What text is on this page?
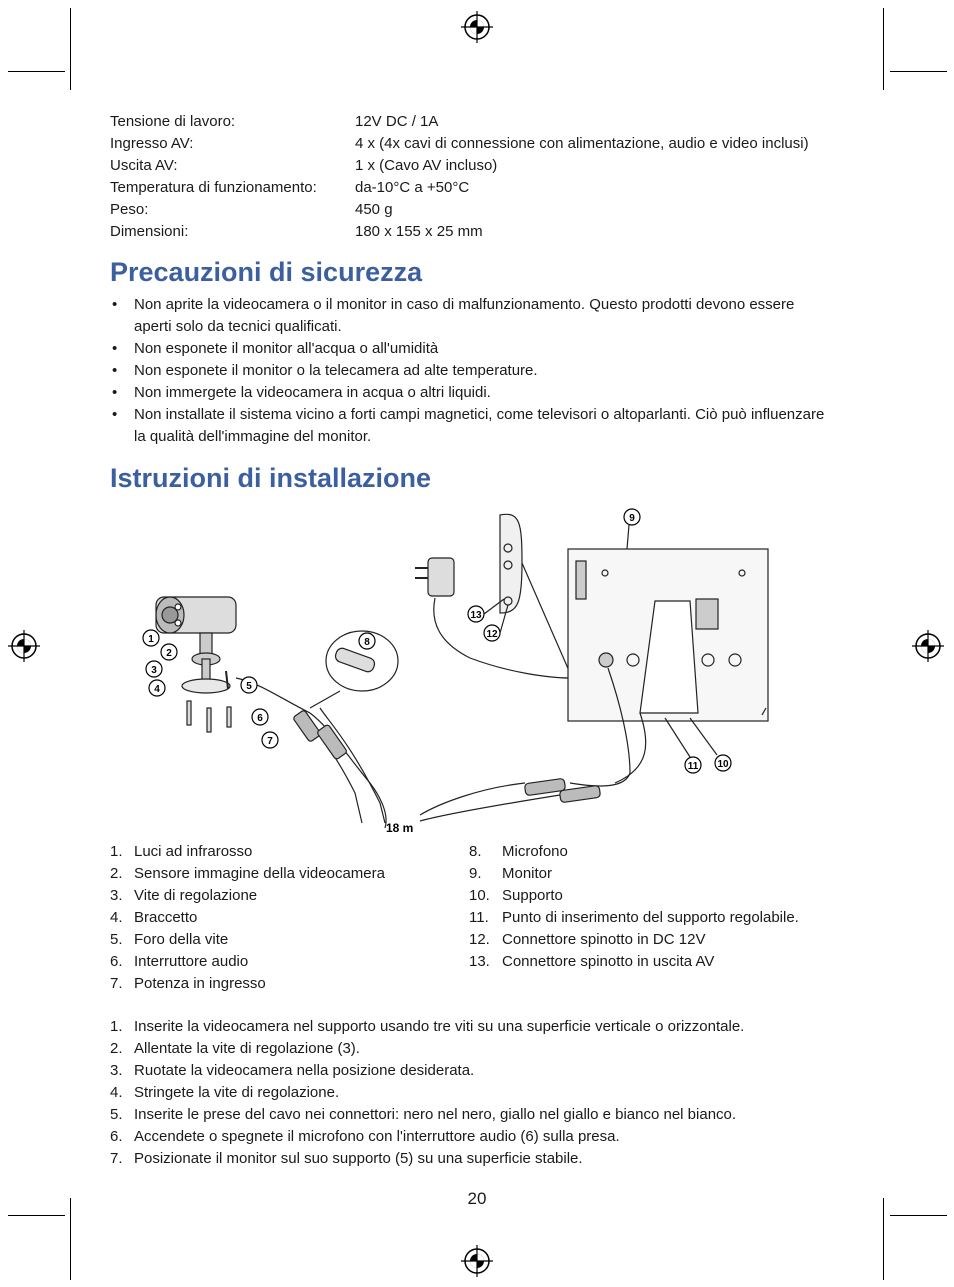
Tensione di lavoro:	12V DC / 1A
Ingresso AV:	4 x (4x cavi di connessione con alimentazione, audio e video inclusi)
Uscita AV:	1 x (Cavo AV incluso)
Temperatura di funzionamento:	da-10°C a +50°C
Peso:	450 g
Dimensioni:	180 x 155 x 25 mm
Precauzioni di sicurezza
• Non aprite la videocamera o il monitor in caso di malfunzionamento. Questo prodotti devono essere aperti solo da tecnici qualificati.
• Non esponete il monitor all'acqua o all'umidità
• Non esponete il monitor o la telecamera ad alte temperature.
• Non immergete la videocamera in acqua o altri liquidi.
• Non installate il sistema vicino a forti campi magnetici, come televisori o altoparlanti. Ciò può influenzare la qualità dell'immagine del monitor.
Istruzioni di installazione
1
2
3
4	5
6
7
8
9
10
11
12
13
18 m
1. Luci ad infrarosso
2. Sensore immagine della videocamera
3. Vite di regolazione
4. Braccetto
5. Foro della vite
6. Interruttore audio
7. Potenza in ingresso
8.	Microfono
9.	Monitor
10. Supporto
11. Punto di inserimento del supporto regolabile.
12. Connettore spinotto in DC 12V
13. Connettore spinotto in uscita AV
1. Inserite la videocamera nel supporto usando tre viti su una superficie verticale o orizzontale.
2. Allentate la vite di regolazione (3).
3. Ruotate la videocamera nella posizione desiderata.
4. Stringete la vite di regolazione.
5. Inserite le prese del cavo nei connettori: nero nel nero, giallo nel giallo e bianco nel bianco.
6. Accendete o spegnete il microfono con l'interruttore audio (6) sulla presa.
7. Posizionate il monitor sul suo supporto (5) su una superficie stabile.
20
